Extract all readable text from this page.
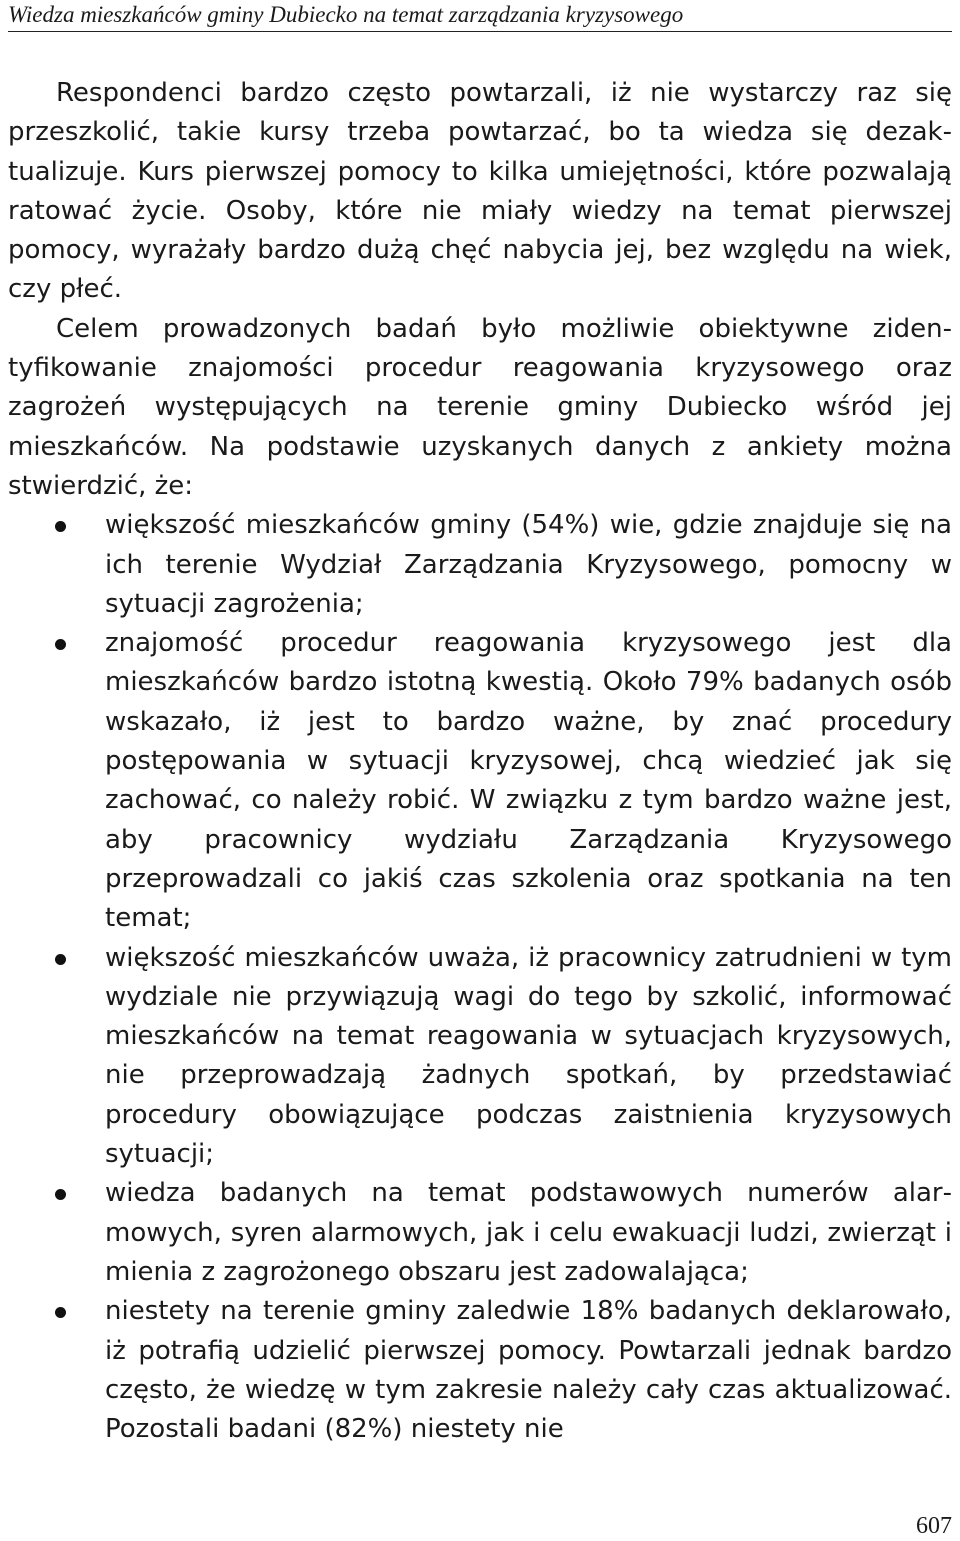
Wiedza mieszkańców gminy Dubiecko na temat zarządzania kryzysowego

Respondenci bardzo często powtarzali, iż nie wystarczy raz się przeszkolić, takie kursy trzeba powtarzać, bo ta wiedza się dezaktualizuje. Kurs pierwszej pomocy to kilka umiejętności, które pozwalają ratować życie. Osoby, które nie miały wiedzy na temat pierwszej pomocy, wyrażały bardzo dużą chęć nabycia jej, bez względu na wiek, czy płeć.

Celem prowadzonych badań było możliwie obiektywne zidentyfikowanie znajomości procedur reagowania kryzysowego oraz zagrożeń występujących na terenie gminy Dubiecko wśród jej mieszkańców. Na podstawie uzyskanych danych z ankiety można stwierdzić, że:

większość mieszkańców gminy (54%) wie, gdzie znajduje się na ich terenie Wydział Zarządzania Kryzysowego, pomocny w sytuacji zagrożenia;
znajomość procedur reagowania kryzysowego jest dla mieszkańców bardzo istotną kwestią. Około 79% badanych osób wskazało, iż jest to bardzo ważne, by znać procedury postępowania w sytuacji kryzysowej, chcą wiedzieć jak się zachować, co należy robić. W związku z tym bardzo ważne jest, aby pracownicy wydziału Zarządzania Kryzysowego przeprowadzali co jakiś czas szkolenia oraz spotkania na ten temat;
większość mieszkańców uważa, iż pracownicy zatrudnieni w tym wydziale nie przywiązują wagi do tego by szkolić, informować mieszkańców na temat reagowania w sytuacjach kryzysowych, nie przeprowadzają żadnych spotkań, by przedstawiać procedury obowiązujące podczas zaistnienia kryzysowych sytuacji;
wiedza badanych na temat podstawowych numerów alarmowych, syren alarmowych, jak i celu ewakuacji ludzi, zwierząt i mienia z zagrożonego obszaru jest zadowalająca;
niestety na terenie gminy zaledwie 18% badanych deklarowało, iż potrafią udzielić pierwszej pomocy. Powtarzali jednak bardzo często, że wiedzę w tym zakresie należy cały czas aktualizować. Pozostali badani (82%) niestety nie
607
